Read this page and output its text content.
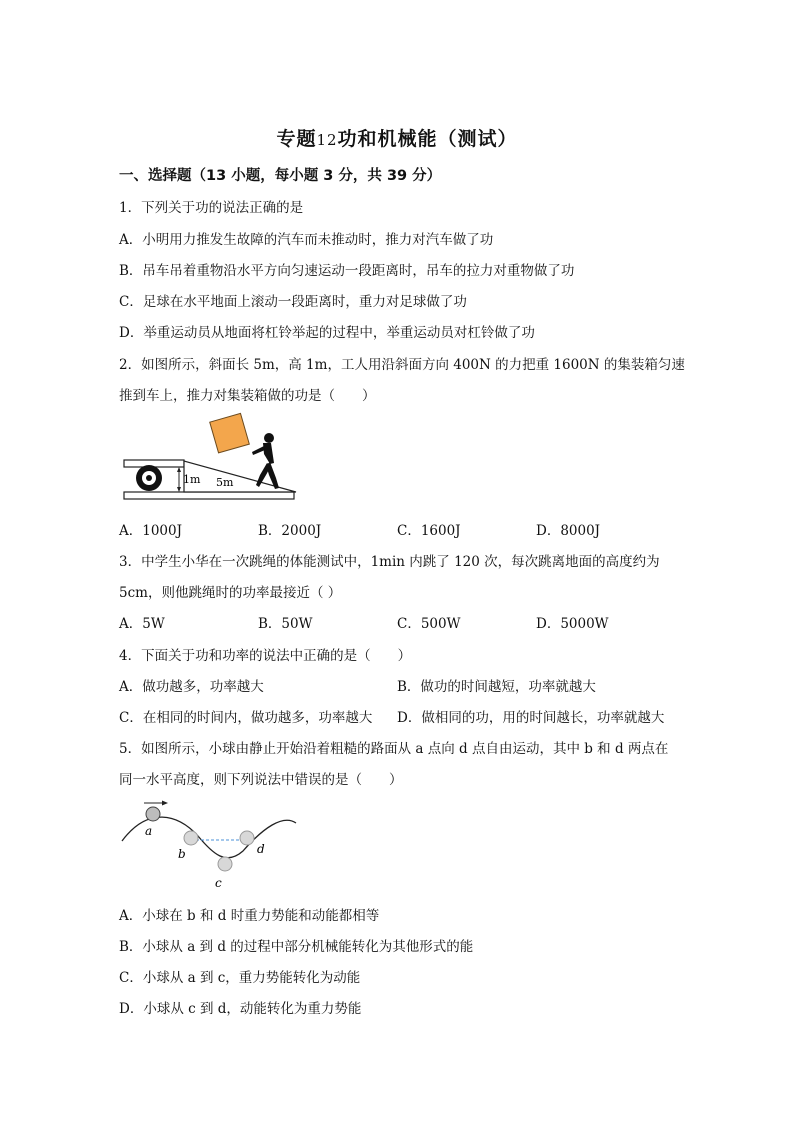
专题12功和机械能（测试）
一、选择题（13 小题，每小题 3 分，共 39 分）
1．下列关于功的说法正确的是
A．小明用力推发生故障的汽车而未推动时，推力对汽车做了功
B．吊车吊着重物沿水平方向匀速运动一段距离时，吊车的拉力对重物做了功
C．足球在水平地面上滚动一段距离时，重力对足球做了功
D．举重运动员从地面将杠铃举起的过程中，举重运动员对杠铃做了功
2．如图所示，斜面长 5m，高 1m，工人用沿斜面方向 400N 的力把重 1600N 的集装箱匀速
推到车上，推力对集装箱做的功是（　　）
1m 5m
A．1000J	B．2000J	C．1600J	D．8000J
3．中学生小华在一次跳绳的体能测试中，1min 内跳了 120 次，每次跳离地面的高度约为
5cm，则他跳绳时的功率最接近（ ）
A．5W	B．50W	C．500W	D．5000W
4．下面关于功和功率的说法中正确的是（　　）
A．做功越多，功率越大	B．做功的时间越短，功率就越大
C．在相同的时间内，做功越多，功率越大 D．做相同的功，用的时间越长，功率就越大
5．如图所示，小球由静止开始沿着粗糙的路面从 a 点向 d 点自由运动，其中 b 和 d 两点在
同一水平高度，则下列说法中错误的是（　　）
a
b	d
c
A．小球在 b 和 d 时重力势能和动能都相等
B．小球从 a 到 d 的过程中部分机械能转化为其他形式的能
C．小球从 a 到 c，重力势能转化为动能
D．小球从 c 到 d，动能转化为重力势能
